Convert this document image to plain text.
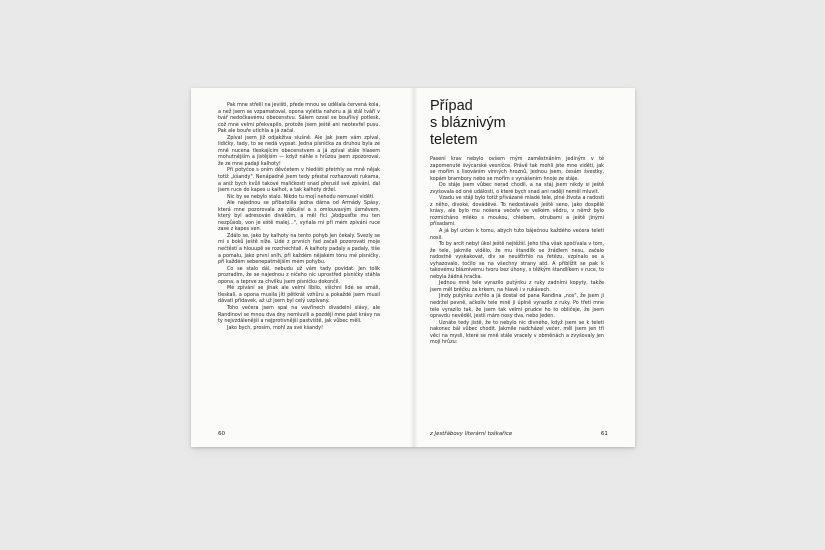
Pak mne střelil na jevišti, přede mnou se udělala červená kola, a než jsem se vzpamatoval, opona vylétla nahoru a já stál tváří v tvář nedočkavému obecenstvu. Sálem ozval se bouřlivý potlesk, což mne velmi překvapilo, protože jsem ještě ani neotevřel pusu. Pak ale bouře utichla a já začal.

Zpíval jsem již odjakživa slušně. Ale jak jsem vám zpíval, lidičky, tady, to se nedá vypsat. Jedna písnička za druhou byla ze mně nucena tleskajícím obecenstvem a já zpíval stále hlasem mohutnějším a jistějším — když náhle s hrůzou jsem zpozoroval, že ze mne padají kalhoty!

Při potyčce s oním děvčetem v hledišti přetrhly se mně nějak totiž „kšandy". Nenápadně jsem tedy přestal rozhazovati rukama, a aniž bych kvůli takové maličkosti snad přerušil své zpívání, dal jsem ruce do kapes u kalhot, a tak kalhoty držel.

Nic by se nebylo stalo. Nikdo tu mojí nehodu nemusel viděti.

Ale najednou se přibatolila jedna dáma od Armády Spásy, která mne pozorovala ze zákulisí a s omlouvavým úsměvem, který byl adresován divákům, a měl říci „Vodpusťte mu ten nezpůsob, von je eště malej…", vyňala mi při mém zpívání ruce zase z kapes ven.

Zdálo se, jako by kalhoty na tento pohyb jen čekaly. Svezly se mi s boků ještě níže. Lidé z prvních řad začali pozorovati moje nečtěstí a hlouupě se rozchechtali. A kalhoty padaly a padaly, tiše a pomalu, jako první sníh, při každém nějakém tónu mé písničky, při každém sebenepatrnějším mém pohybu.

Co se stalo dál, nebudu už vám tady povídat. Jen tolik prozradím, že se najednou z ničeho nic uprostřed písničky stáhla opona, a teprve za chvilku jsem písničku dokončil.

Mé zpívání se jinak ale velmi líbilo, všichni lidé se smáli, tleskali, a opona musila jíti pětkrát vzhůru a pokaždé jsem musil dávati přídavek, až už jsem byl celý uzpívaný.

Toho večera jsem spal na vavřínech divadelní slávy, ale Randinovi se mnou dva dny nemluvili a pozdějí mne pást krávy na ty nejvzdálenější a nejprotivnější pastviště, jak vůbec měli.

Jako bych, prosím, mohl za své kšandy!

60
Případ
s bláznivým
teletem

Pasení krav nebylo ovšem mým zaměstnáním jediným v té zapomenuté švýcarské vesničce. Právě tak mohli jste mne viděti, jak se mořím s lisováním vinných hroznů, jednou jsem, česám švestky, kopám brambory nebo se mořím s vynášením hnoje ze stáje.

Do stáje jsem vůbec nerad chodil, a na stáj jsem nikdy si ještě zvyšovala od oné události, o které bych snad ani raději neměl mluvit.

Vzadu ve stáji bylo totiž přivázané mladé tele, plné života a radosti z něho, divoké, dováděvé. To nedostávalo ještě seno, jako dospělé krávy, ale bylo mu nošena večeře ve velkém vědru, v němž bylo rozmícháno mléko s moukou, chlebem, otrubami a ještě jinými přísadami.

A já byl určen k tomu, abych tuto báječnou každého večera teleti nosil.

To by arcit nebyl úkol ještě nejtěžší. Jeho tíha však spočívala v tom, že tele, jakmile vidělo, že mu štandlík se žrádlem nesu, začalo radostně vyskakovat, div se neušťtrhlo na řetězu, vzpínalo se a vyhazovalo, točilo se na všechny strany atd. A přiblížit se pak k takovému bláznivému tvoru bez úhony, s těžkým štandlíkem v ruce, to nebyla žádná hračka.

Jednou mně tele vyrazilo putýnku z ruky zadními kopyty, takže jsem měl brěčku za krkem, na hlavě i v rukávech.

Jindy putýnku zvrhlo a já dostal od pana Randina „nos", že jsem ji nedržel pevně, ačkoliv tele mně ji úplně vyrazilo z ruky. Po třetí mne tele vyrazilo tak, že jsem tak velmi prudce ho to obličeje, že jsem opravdu nevěděl, jestli mám nosy dva, nebo jeden.

Uznáte tedy jistě, že to nebylo nic divného, když jsem se k teleti nakonec bál vůbec chodit. Jakmile nadcházel večer, měl jsem jen tři věci na mysli, které se mně stále vracely v obměnách a zvyšovaly jen mojí hrůzu:

z Jestřábovy literární toškařice	61
